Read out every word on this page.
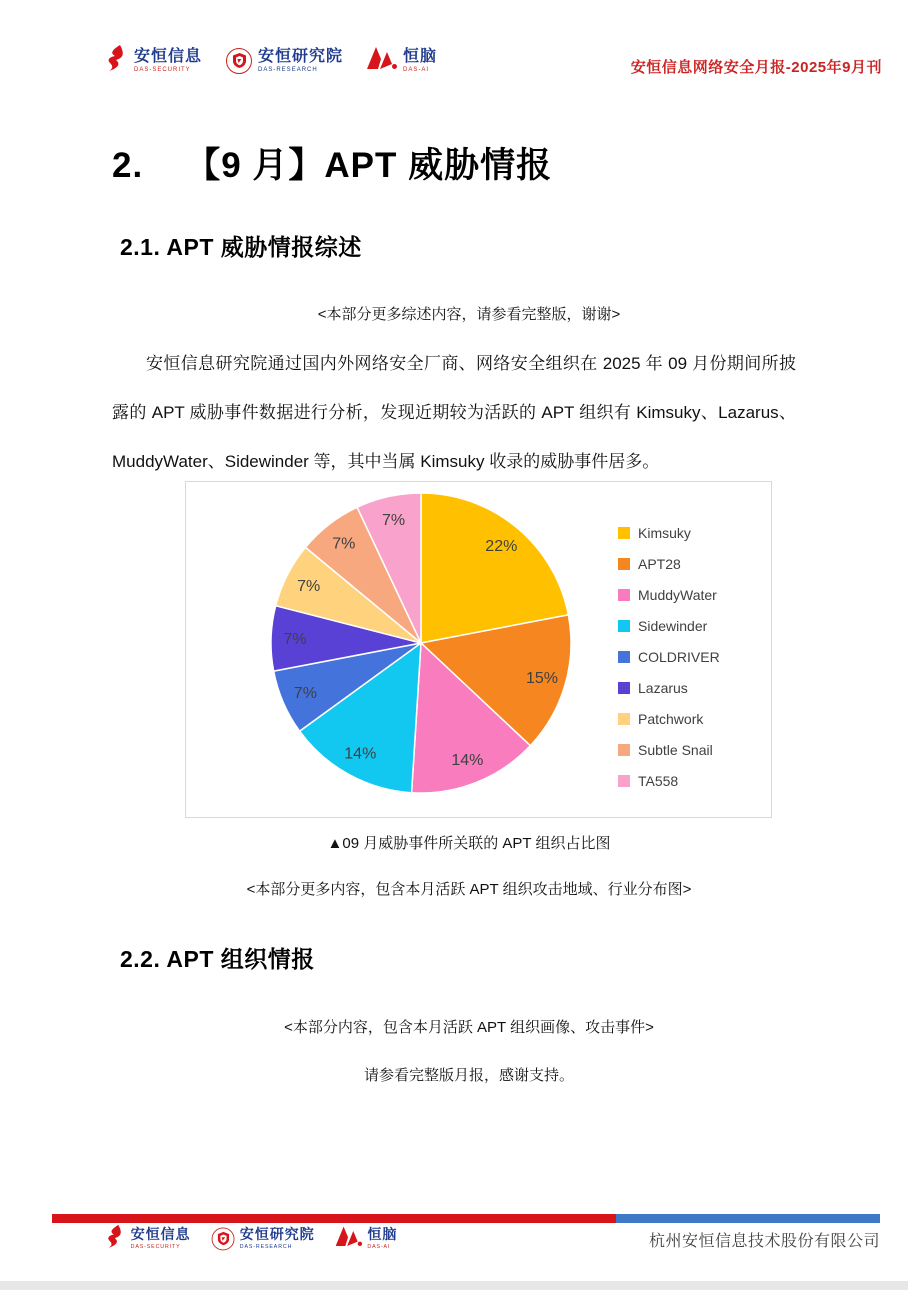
安恒信息
DAS-SECURITY
安恒研究院
DAS-RESEARCH
恒脑
DAS-AI	安恒信息网络安全月报-2025年9月刊
2. 【9 月】APT 威胁情报
2.1. APT 威胁情报综述
<本部分更多综述内容，请参看完整版，谢谢>
安恒信息研究院通过国内外网络安全厂商、网络安全组织在 2025 年 09 月份期间所披露的 APT 威胁事件数据进行分析，发现近期较为活跃的 APT 组织有 Kimsuky、Lazarus、MuddyWater、Sidewinder 等，其中当属 Kimsuky 收录的威胁事件居多。
22%
15%
14%
14%
7%
7%
7%
7%
7%
Kimsuky
APT28
MuddyWater
Sidewinder
COLDRIVER
Lazarus
Patchwork
Subtle Snail
TA558
▲09 月威胁事件所关联的 APT 组织占比图
<本部分更多内容，包含本月活跃 APT 组织攻击地域、行业分布图>
2.2. APT 组织情报
<本部分内容，包含本月活跃 APT 组织画像、攻击事件>
请参看完整版月报，感谢支持。
安恒信息
DAS-SECURITY
安恒研究院
DAS-RESEARCH
恒脑
DAS-AI	杭州安恒信息技术股份有限公司
